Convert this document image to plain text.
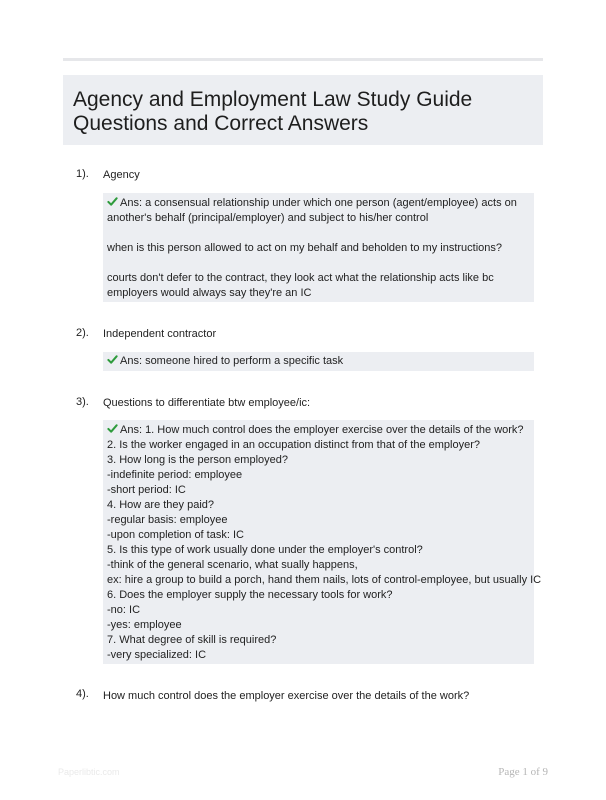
Agency and Employment Law Study Guide
Questions and Correct Answers
1). Agency
Ans: a consensual relationship under which one person (agent/employee) acts on
another's behalf (principal/employer) and subject to his/her control
when is this person allowed to act on my behalf and beholden to my instructions?
courts don't defer to the contract, they look act what the relationship acts like bc
employers would always say they're an IC
2). Independent contractor
Ans: someone hired to perform a specific task
3). Questions to differentiate btw employee/ic:
Ans: 1. How much control does the employer exercise over the details of the work?
2. Is the worker engaged in an occupation distinct from that of the employer?
3. How long is the person employed?
-indefinite period: employee
-short period: IC
4. How are they paid?
-regular basis: employee
-upon completion of task: IC
5. Is this type of work usually done under the employer's control?
-think of the general scenario, what sually happens,
ex: hire a group to build a porch, hand them nails, lots of control-employee, but usually IC
6. Does the employer supply the necessary tools for work?
-no: IC
-yes: employee
7. What degree of skill is required?
-very specialized: IC
4). How much control does the employer exercise over the details of the work?
Paperlibtic.com	Page 1 of 9
